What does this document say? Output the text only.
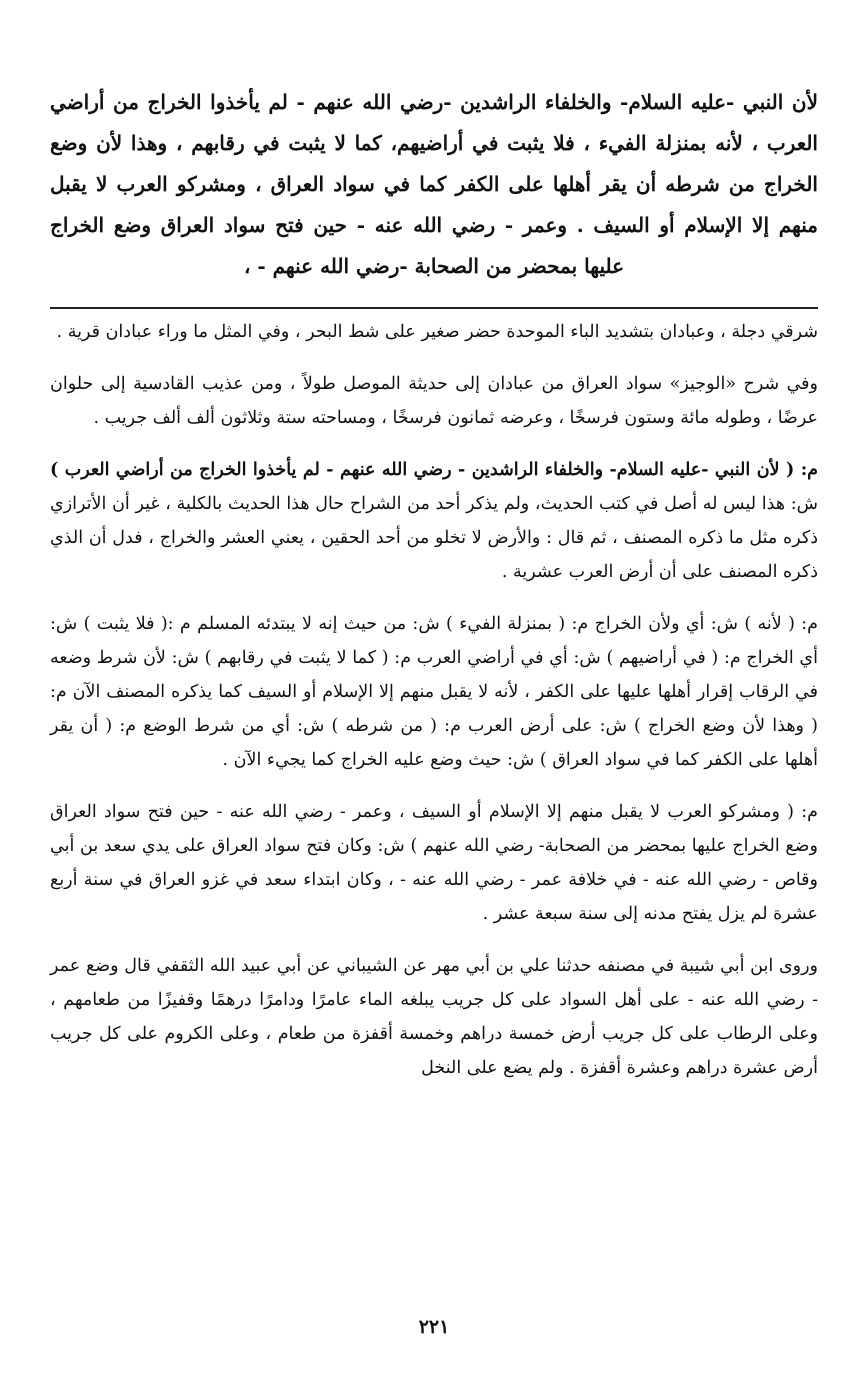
لأن النبي -عليه السلام- والخلفاء الراشدين -رضي الله عنهم - لم يأخذوا الخراج من أراضي العرب ، لأنه بمنزلة الفيء ، فلا يثبت في أراضيهم، كما لا يثبت في رقابهم ، وهذا لأن وضع الخراج من شرطه أن يقر أهلها على الكفر كما في سواد العراق ، ومشركو العرب لا يقبل منهم إلا الإسلام أو السيف . وعمر - رضي الله عنه - حين فتح سواد العراق وضع الخراج عليها بمحضر من الصحابة -رضي الله عنهم - ،

شرقي دجلة ، وعبادان بتشديد الباء الموحدة حضر صغير على شط البحر ، وفي المثل ما وراء عبادان قرية .

وفي شرح «الوجيز» سواد العراق من عبادان إلى حديثة الموصل طولاً ، ومن عذيب القادسية إلى حلوان عرضًا ، وطوله مائة وستون فرسخًا ، وعرضه ثمانون فرسخًا ، ومساحته ستة وثلاثون ألف ألف جريب .

م: ( لأن النبي -عليه السلام- والخلفاء الراشدين - رضي الله عنهم - لم يأخذوا الخراج من أراضي العرب ) ش: هذا ليس له أصل في كتب الحديث، ولم يذكر أحد من الشراح حال هذا الحديث بالكلية ، غير أن الأترازي ذكره مثل ما ذكره المصنف ، ثم قال : والأرض لا تخلو من أحد الحقين ، يعني العشر والخراج ، فدل أن الذي ذكره المصنف على أن أرض العرب عشرية .

م: ( لأنه ) ش: أي ولأن الخراج م: ( بمنزلة الفيء ) ش: من حيث إنه لا يبتدئه المسلم م :( فلا يثبت ) ش: أي الخراج م: ( في أراضيهم ) ش: أي في أراضي العرب م: ( كما لا يثبت في رقابهم ) ش: لأن شرط وضعه في الرقاب إقرار أهلها عليها على الكفر ، لأنه لا يقبل منهم إلا الإسلام أو السيف كما يذكره المصنف الآن م: ( وهذا لأن وضع الخراج ) ش: على أرض العرب م: ( من شرطه ) ش: أي من شرط الوضع م: ( أن يقر أهلها على الكفر كما في سواد العراق ) ش: حيث وضع عليه الخراج كما يجيء الآن .

م: ( ومشركو العرب لا يقبل منهم إلا الإسلام أو السيف ، وعمر - رضي الله عنه - حين فتح سواد العراق وضع الخراج عليها بمحضر من الصحابة- رضي الله عنهم ) ش: وكان فتح سواد العراق على يدي سعد بن أبي وقاص - رضي الله عنه - في خلافة عمر - رضي الله عنه - ، وكان ابتداء سعد في غزو العراق في سنة أربع عشرة لم يزل يفتح مدنه إلى سنة سبعة عشر .

وروى ابن أبي شيبة في مصنفه حدثنا علي بن أبي مهر عن الشيباني عن أبي عبيد الله الثقفي قال وضع عمر - رضي الله عنه - على أهل السواد على كل جريب يبلغه الماء عامرًا ودامرًا درهمًا وقفيزًا من طعامهم ، وعلى الرطاب على كل جريب أرض خمسة دراهم وخمسة أقفزة من طعام ، وعلى الكروم على كل جريب أرض عشرة دراهم وعشرة أقفزة . ولم يضع على النخل

٢٢١
